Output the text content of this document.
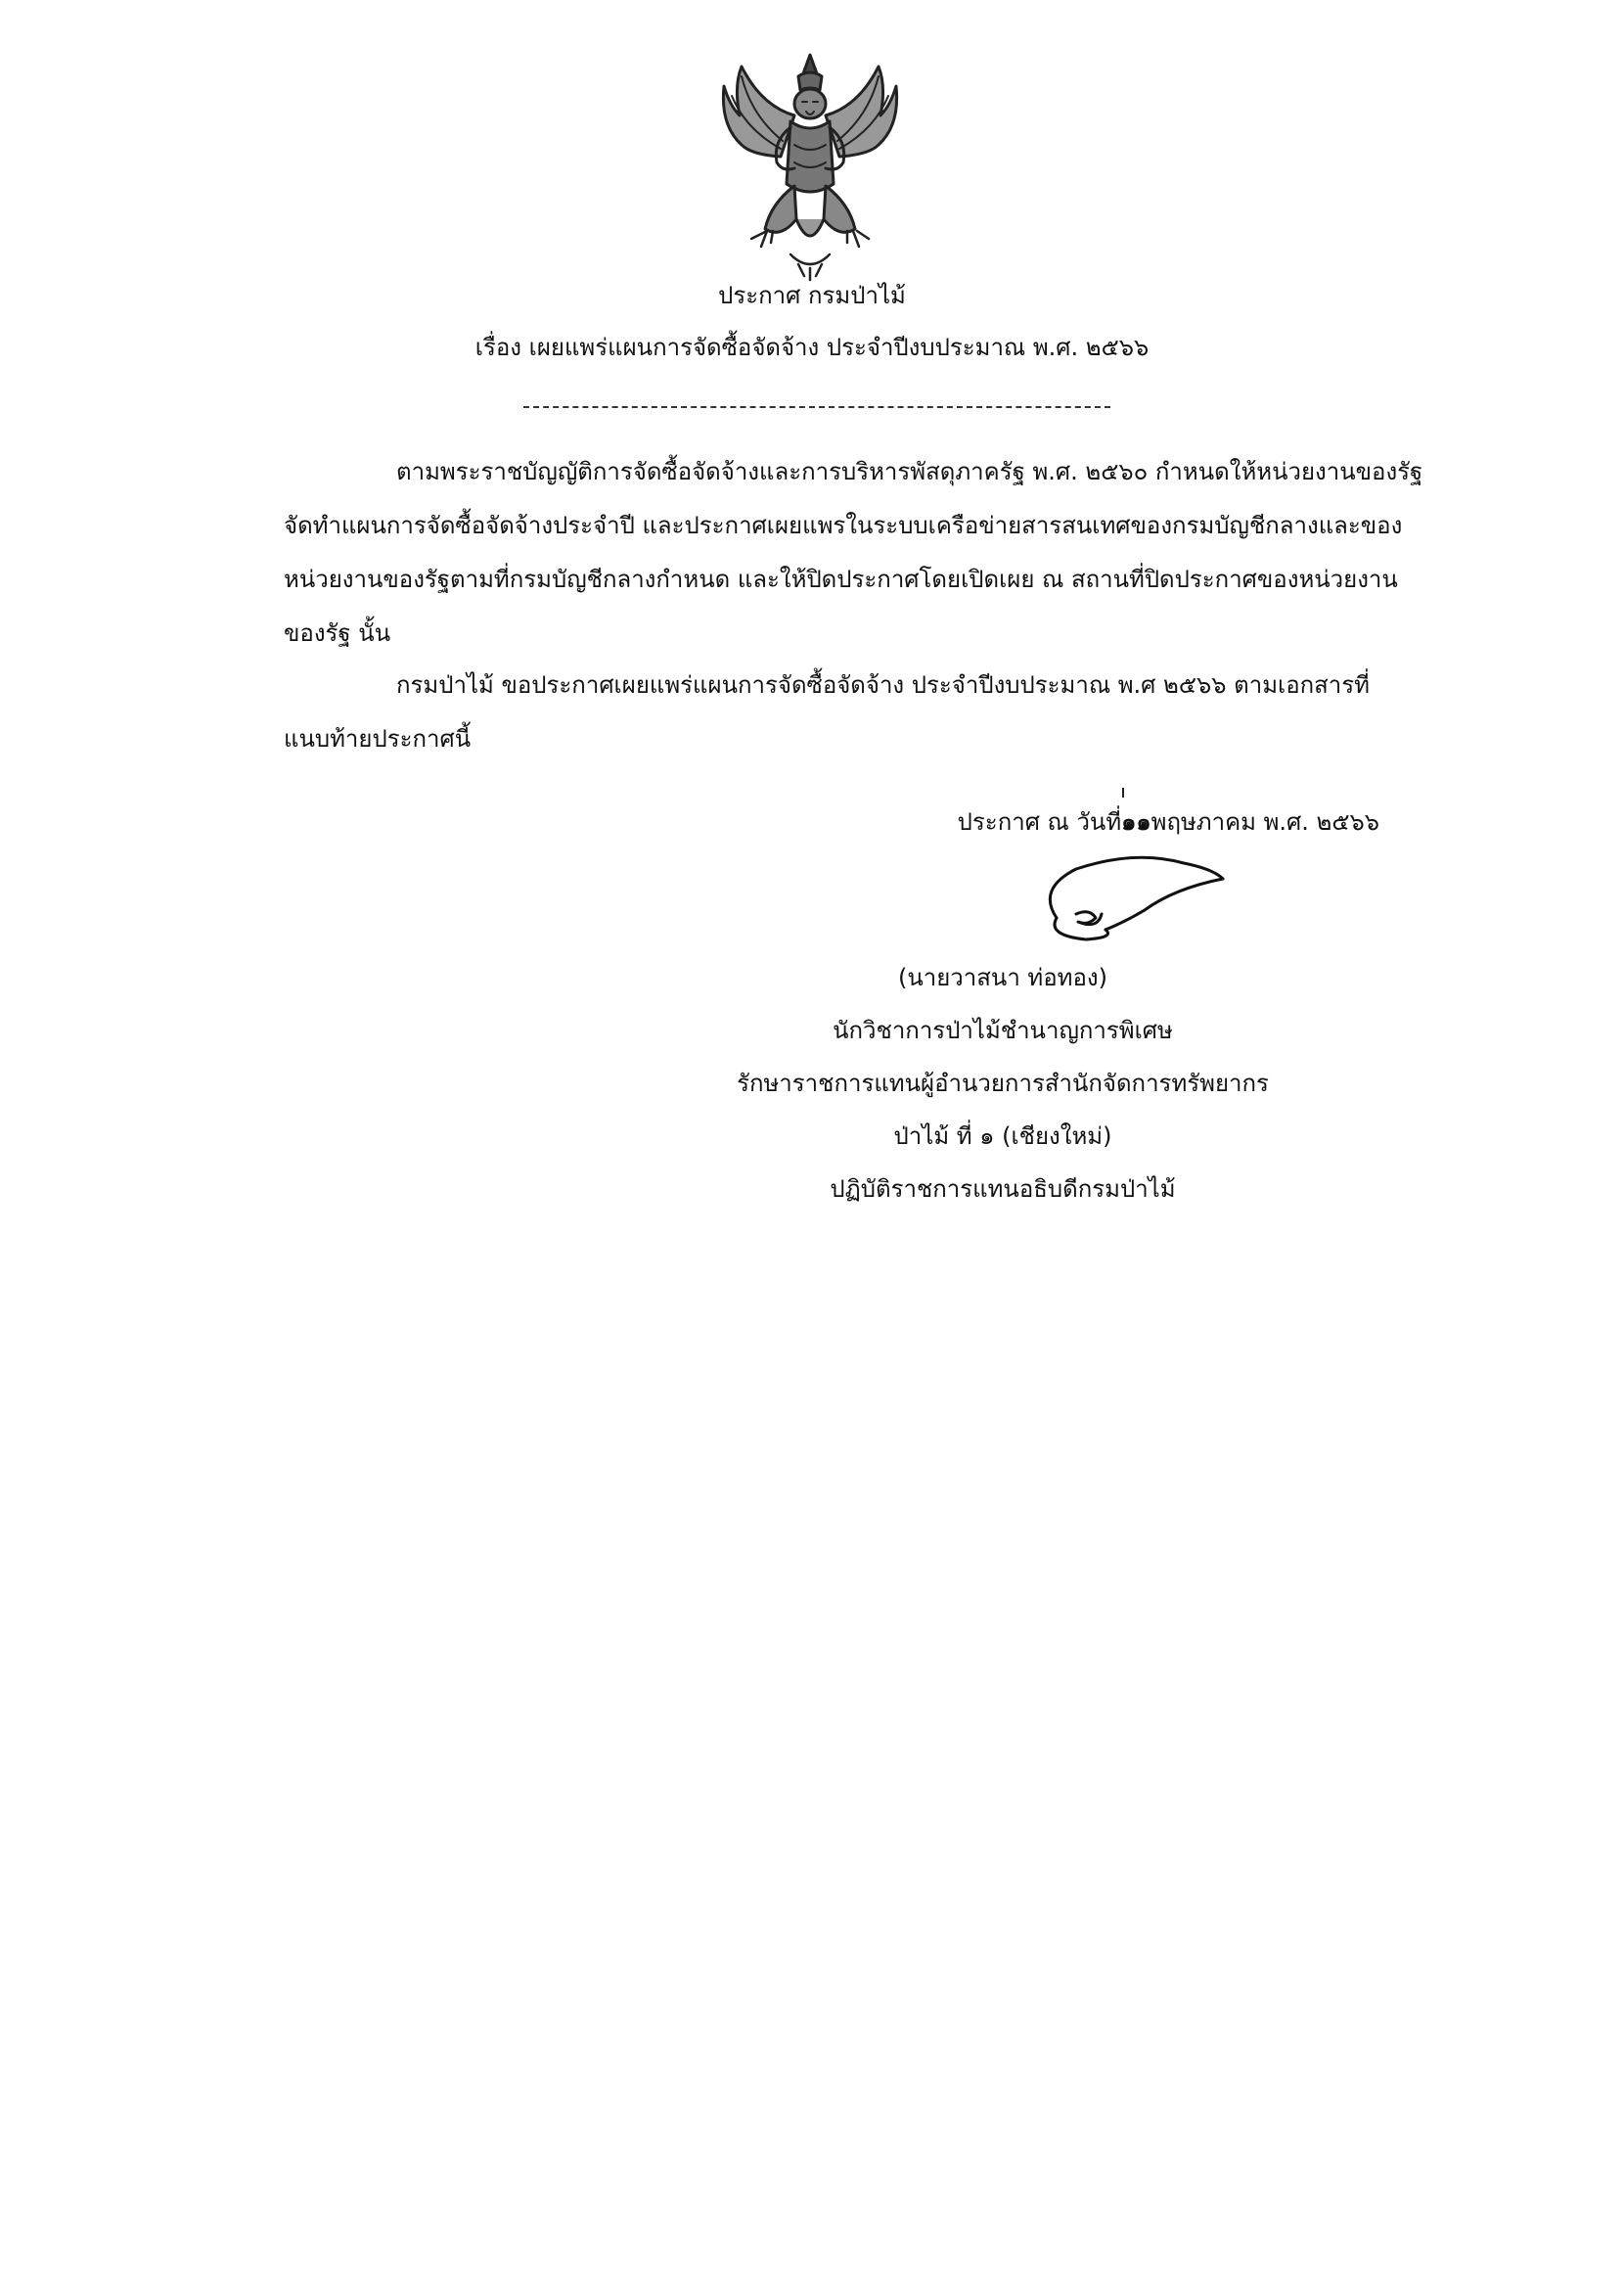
ประกาศ กรมป่าไม้
เรื่อง เผยแพร่แผนการจัดซื้อจัดจ้าง ประจำปีงบประมาณ พ.ศ. ๒๕๖๖
ตามพระราชบัญญัติการจัดซื้อจัดจ้างและการบริหารพัสดุภาครัฐ พ.ศ. ๒๕๖๐ กำหนดให้หน่วยงานของรัฐ
จัดทำแผนการจัดซื้อจัดจ้างประจำปี และประกาศเผยแพรในระบบเครือข่ายสารสนเทศของกรมบัญชีกลางและของ
หน่วยงานของรัฐตามที่กรมบัญชีกลางกำหนด และให้ปิดประกาศโดยเปิดเผย ณ สถานที่ปิดประกาศของหน่วยงาน
ของรัฐ นั้น
กรมป่าไม้ ขอประกาศเผยแพร่แผนการจัดซื้อจัดจ้าง ประจำปีงบประมาณ พ.ศ ๒๕๖๖ ตามเอกสารที่
แนบท้ายประกาศนี้
ประกาศ ณ วันที่๑๑พฤษภาคม พ.ศ. ๒๕๖๖
(นายวาสนา ท่อทอง)
นักวิชาการป่าไม้ชำนาญการพิเศษ
รักษาราชการแทนผู้อำนวยการสำนักจัดการทรัพยากร
ป่าไม้ ที่ ๑ (เชียงใหม่)
ปฏิบัติราชการแทนอธิบดีกรมป่าไม้
